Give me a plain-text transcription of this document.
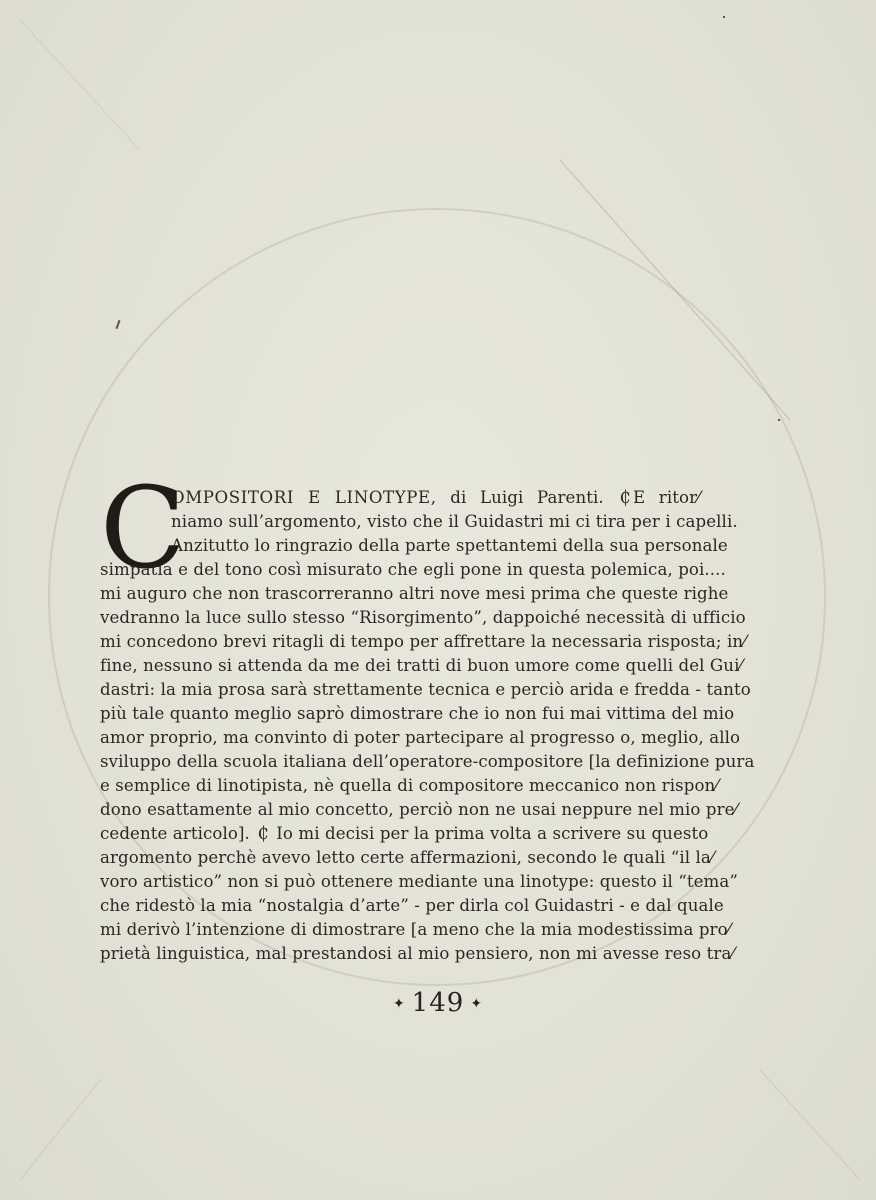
C
OMPOSITORI E LINOTYPE, di Luigi Parenti. ₵ E ritor⁄
niamo sull’argomento, visto che il Guidastri mi ci tira per i capelli.
Anzitutto lo ringrazio della parte spettantemi della sua personale
simpatia e del tono così misurato che egli pone in questa polemica, poi....
mi auguro che non trascorreranno altri nove mesi prima che queste righe
vedranno la luce sullo stesso “Risorgimento”, dappoiché necessità di ufficio
mi concedono brevi ritagli di tempo per affrettare la necessaria risposta; in⁄
fine, nessuno si attenda da me dei tratti di buon umore come quelli del Gui⁄
dastri: la mia prosa sarà strettamente tecnica e perciò arida e fredda - tanto
più tale quanto meglio saprò dimostrare che io non fui mai vittima del mio
amor proprio, ma convinto di poter partecipare al progresso o, meglio, allo
sviluppo della scuola italiana dell’operatore-compositore [la definizione pura
e semplice di linotipista, nè quella di compositore meccanico non rispon⁄
dono esattamente al mio concetto, perciò non ne usai neppure nel mio pre⁄
cedente articolo]. ₵ Io mi decisi per la prima volta a scrivere su questo
argomento perchè avevo letto certe affermazioni, secondo le quali “il la⁄
voro artistico” non si può ottenere mediante una linotype: questo il “tema”
che ridestò la mia “nostalgia d’arte” - per dirla col Guidastri - e dal quale
mi derivò l’intenzione di dimostrare [a meno che la mia modestissima pro⁄
prietà linguistica, mal prestandosi al mio pensiero, non mi avesse reso tra⁄
✦ 149 ✦
